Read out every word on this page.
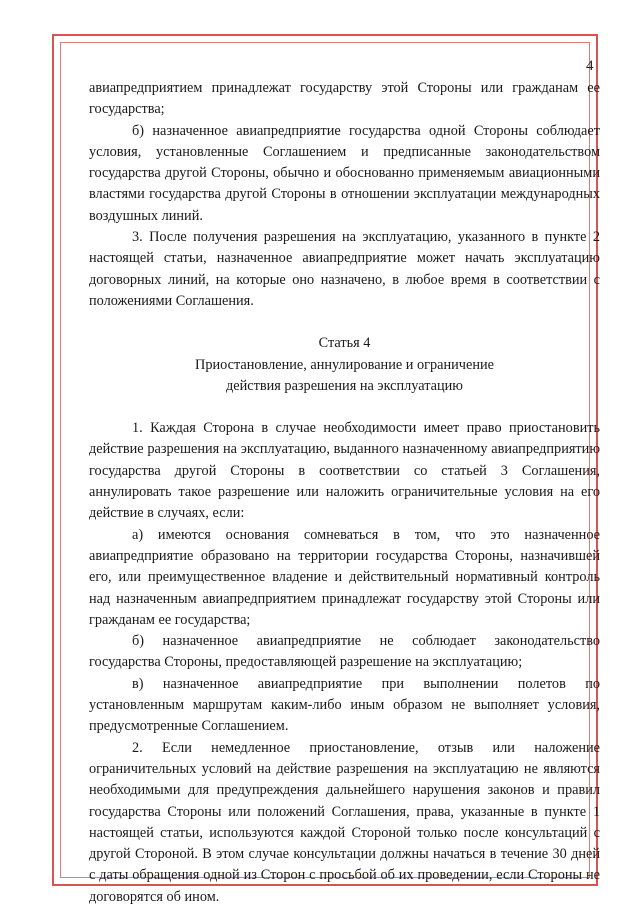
4

авиапредприятием принадлежат государству этой Стороны или гражданам ее государства;

б) назначенное авиапредприятие государства одной Стороны соблюдает условия, установленные Соглашением и предписанные законодательством государства другой Стороны, обычно и обоснованно применяемым авиационными властями государства другой Стороны в отношении эксплуатации международных воздушных линий.

3. После получения разрешения на эксплуатацию, указанного в пункте 2 настоящей статьи, назначенное авиапредприятие может начать эксплуатацию договорных линий, на которые оно назначено, в любое время в соответствии с положениями Соглашения.

Статья 4

Приостановление, аннулирование и ограничение

действия разрешения на эксплуатацию

1. Каждая Сторона в случае необходимости имеет право приостановить действие разрешения на эксплуатацию, выданного назначенному авиапредприятию государства другой Стороны в соответствии со статьей 3 Соглашения, аннулировать такое разрешение или наложить ограничительные условия на его действие в случаях, если:

а) имеются основания сомневаться в том, что это назначенное авиапредприятие образовано на территории государства Стороны, назначившей его, или преимущественное владение и действительный нормативный контроль над назначенным авиапредприятием принадлежат государству этой Стороны или гражданам ее государства;

б) назначенное авиапредприятие не соблюдает законодательство государства Стороны, предоставляющей разрешение на эксплуатацию;

в) назначенное авиапредприятие при выполнении полетов по установленным маршрутам каким-либо иным образом не выполняет условия, предусмотренные Соглашением.

2. Если немедленное приостановление, отзыв или наложение ограничительных условий на действие разрешения на эксплуатацию не являются необходимыми для предупреждения дальнейшего нарушения законов и правил государства Стороны или положений Соглашения, права, указанные в пункте 1 настоящей статьи, используются каждой Стороной только после консультаций с другой Стороной. В этом случае консультации должны начаться в течение 30 дней с даты обращения одной из Сторон с просьбой об их проведении, если Стороны не договорятся об ином.
